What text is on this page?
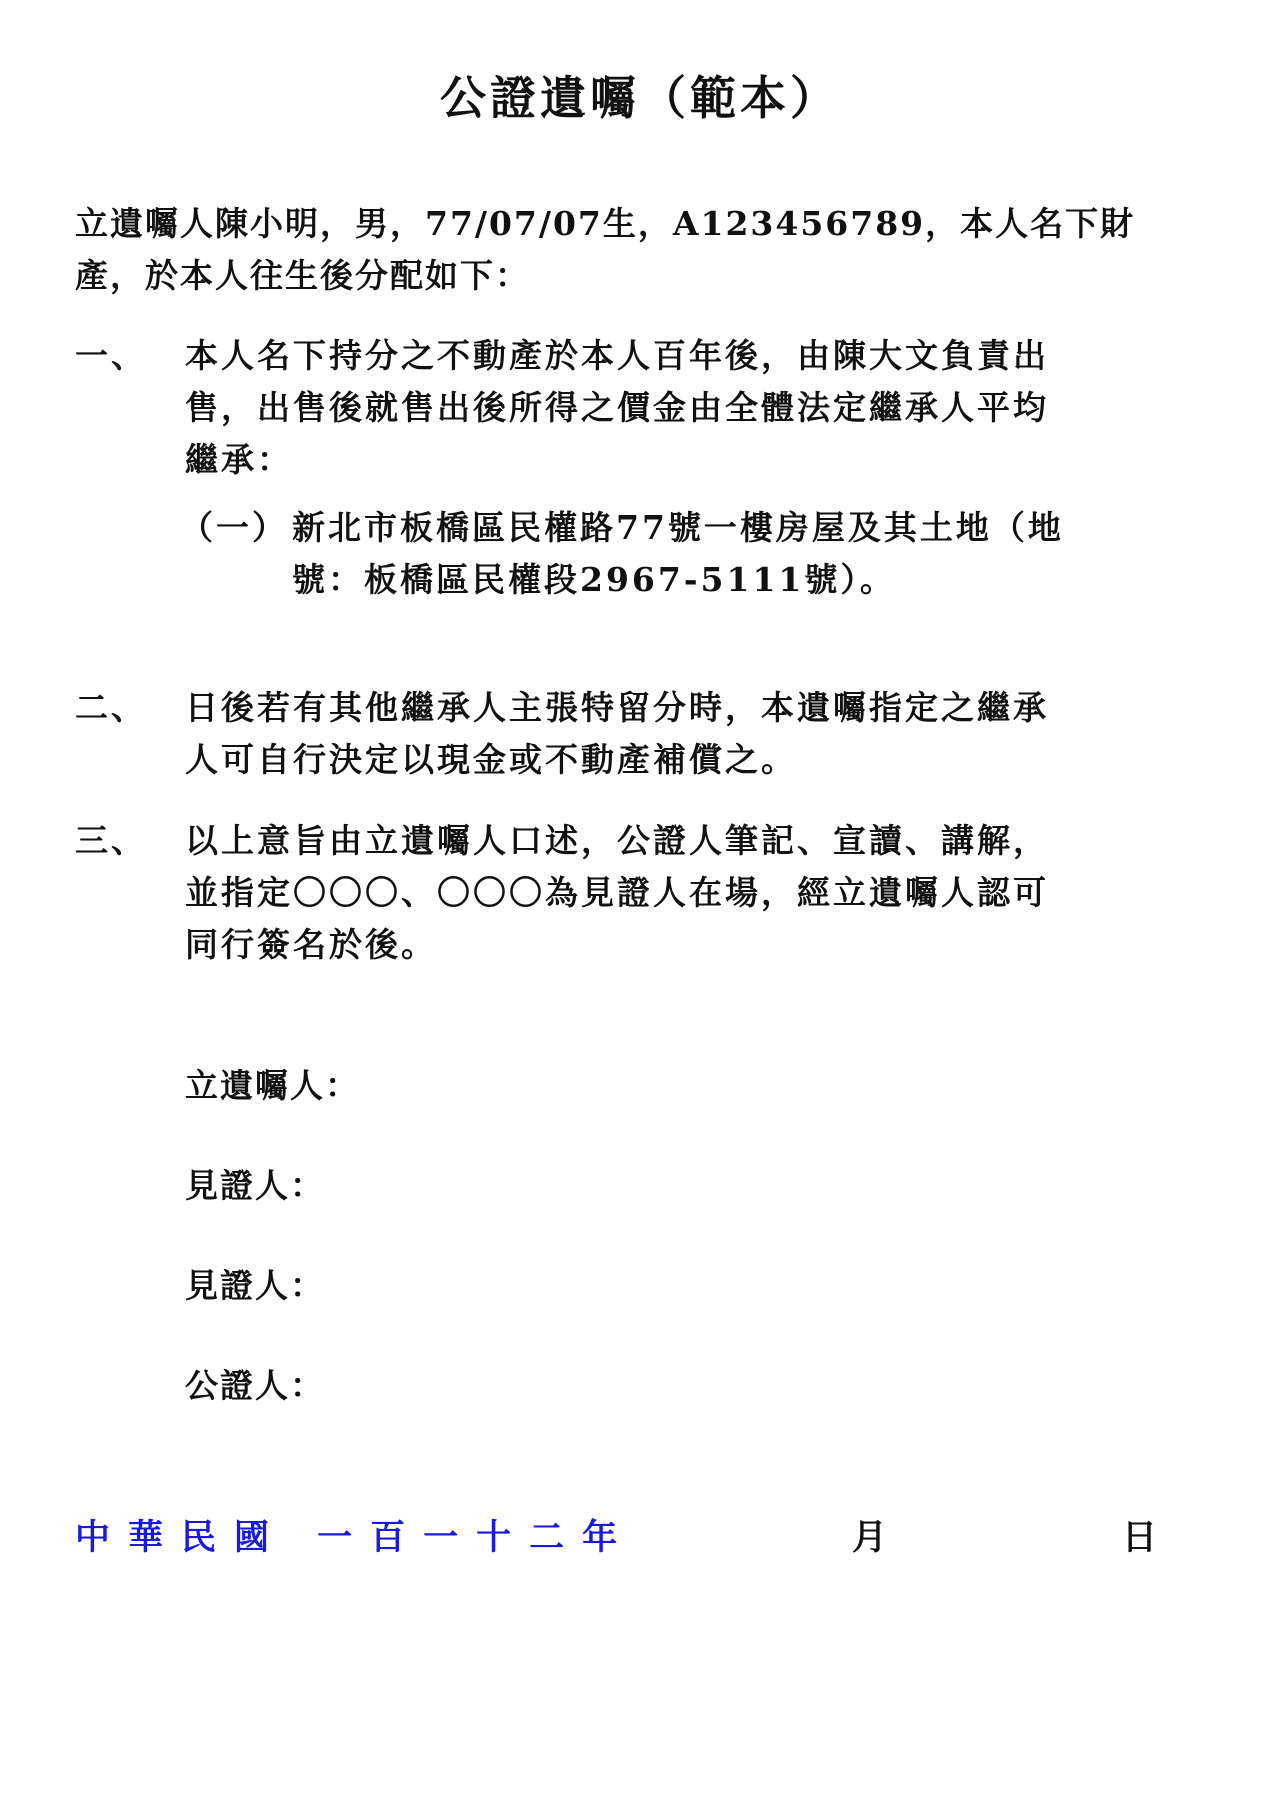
公證遺囑（範本）
立遺囑人陳小明，男，77/07/07生，A123456789，本人名下財
產，於本人往生後分配如下：
一、	本人名下持分之不動產於本人百年後，由陳大文負責出
售，出售後就售出後所得之價金由全體法定繼承人平均
繼承：
（一） 新北市板橋區民權路77號一樓房屋及其土地（地
號：板橋區民權段2967-5111號）。
二、	日後若有其他繼承人主張特留分時，本遺囑指定之繼承
人可自行決定以現金或不動產補償之。
三、	以上意旨由立遺囑人口述，公證人筆記、宣讀、講解，
並指定〇〇〇、〇〇〇為見證人在場，經立遺囑人認可
同行簽名於後。
立遺囑人：
見證人：
見證人：
公證人：
中華民國 一百一十二年	月	日
